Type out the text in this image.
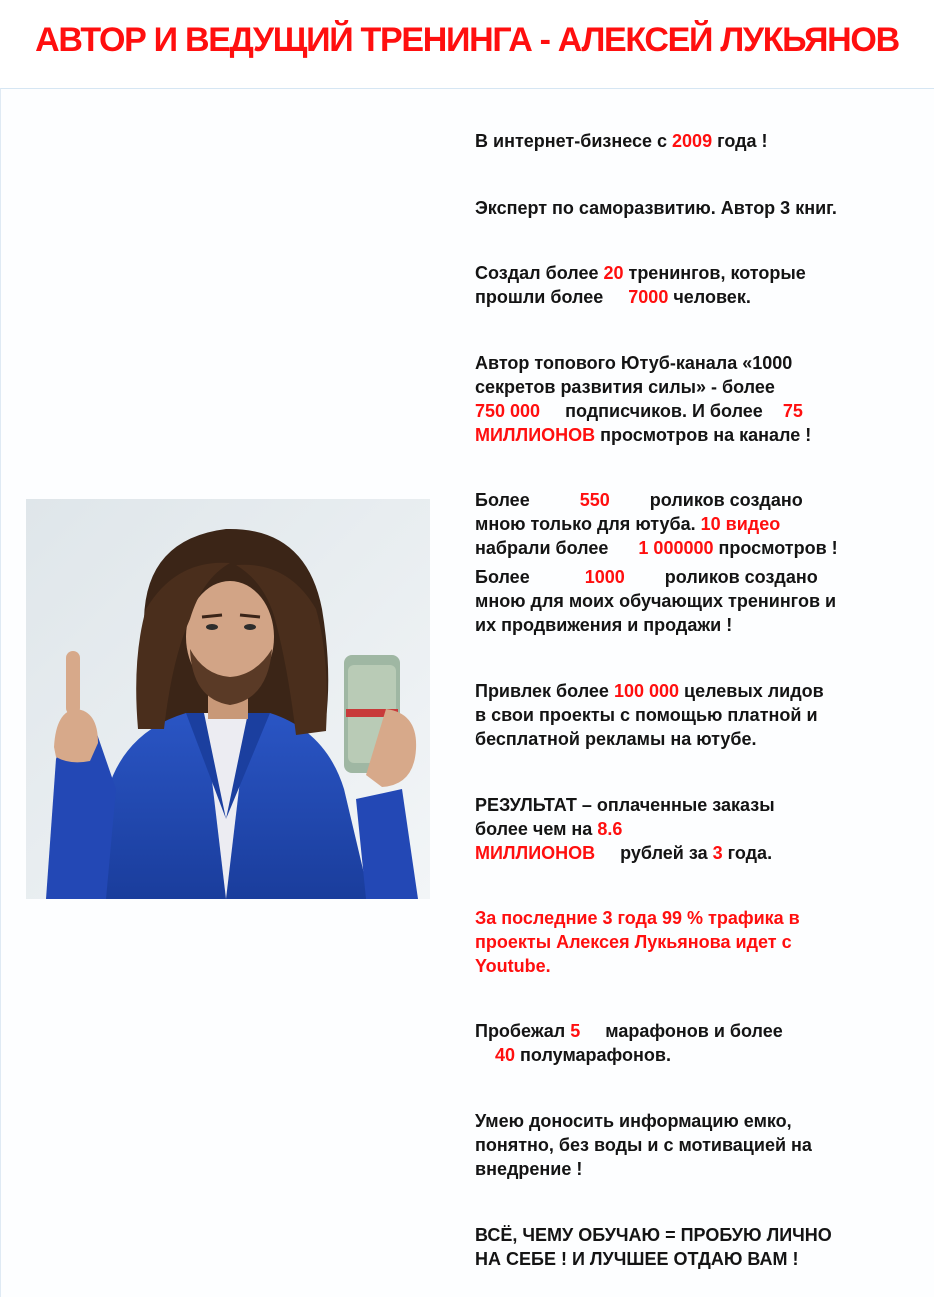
АВТОР И ВЕДУЩИЙ ТРЕНИНГА - АЛЕКСЕЙ ЛУКЬЯНОВ

В интернет-бизнесе с 2009 года !

Эксперт по саморазвитию. Автор 3 книг.

Создал более 20 тренингов, которые
прошли более     7000 человек.

Автор топового Ютуб-канала «1000
секретов развития силы» - более
750 000     подписчиков. И более    75
МИЛЛИОНОВ просмотров на канале !

Более	550        роликов создано
мною только для ютуба. 10 видео
набрали более      1 000000 просмотров !

Более	1000        роликов создано
мною для моих обучающих тренингов и
их продвижения и продажи !

Привлек более 100 000 целевых лидов
в свои проекты с помощью платной и
бесплатной рекламы на ютубе.

РЕЗУЛЬТАТ – оплаченные заказы
более чем на 8.6
МИЛЛИОНОВ     рублей за 3 года.

За последние 3 года 99 % трафика в
проекты Алексея Лукьянова идет с
Youtube.

Пробежал 5     марафонов и более
40 полумарафонов.

Умею доносить информацию емко,
понятно, без воды и с мотивацией на
внедрение !

ВСЁ, ЧЕМУ ОБУЧАЮ = ПРОБУЮ ЛИЧНО
НА СЕБЕ ! И ЛУЧШЕЕ ОТДАЮ ВАМ !
